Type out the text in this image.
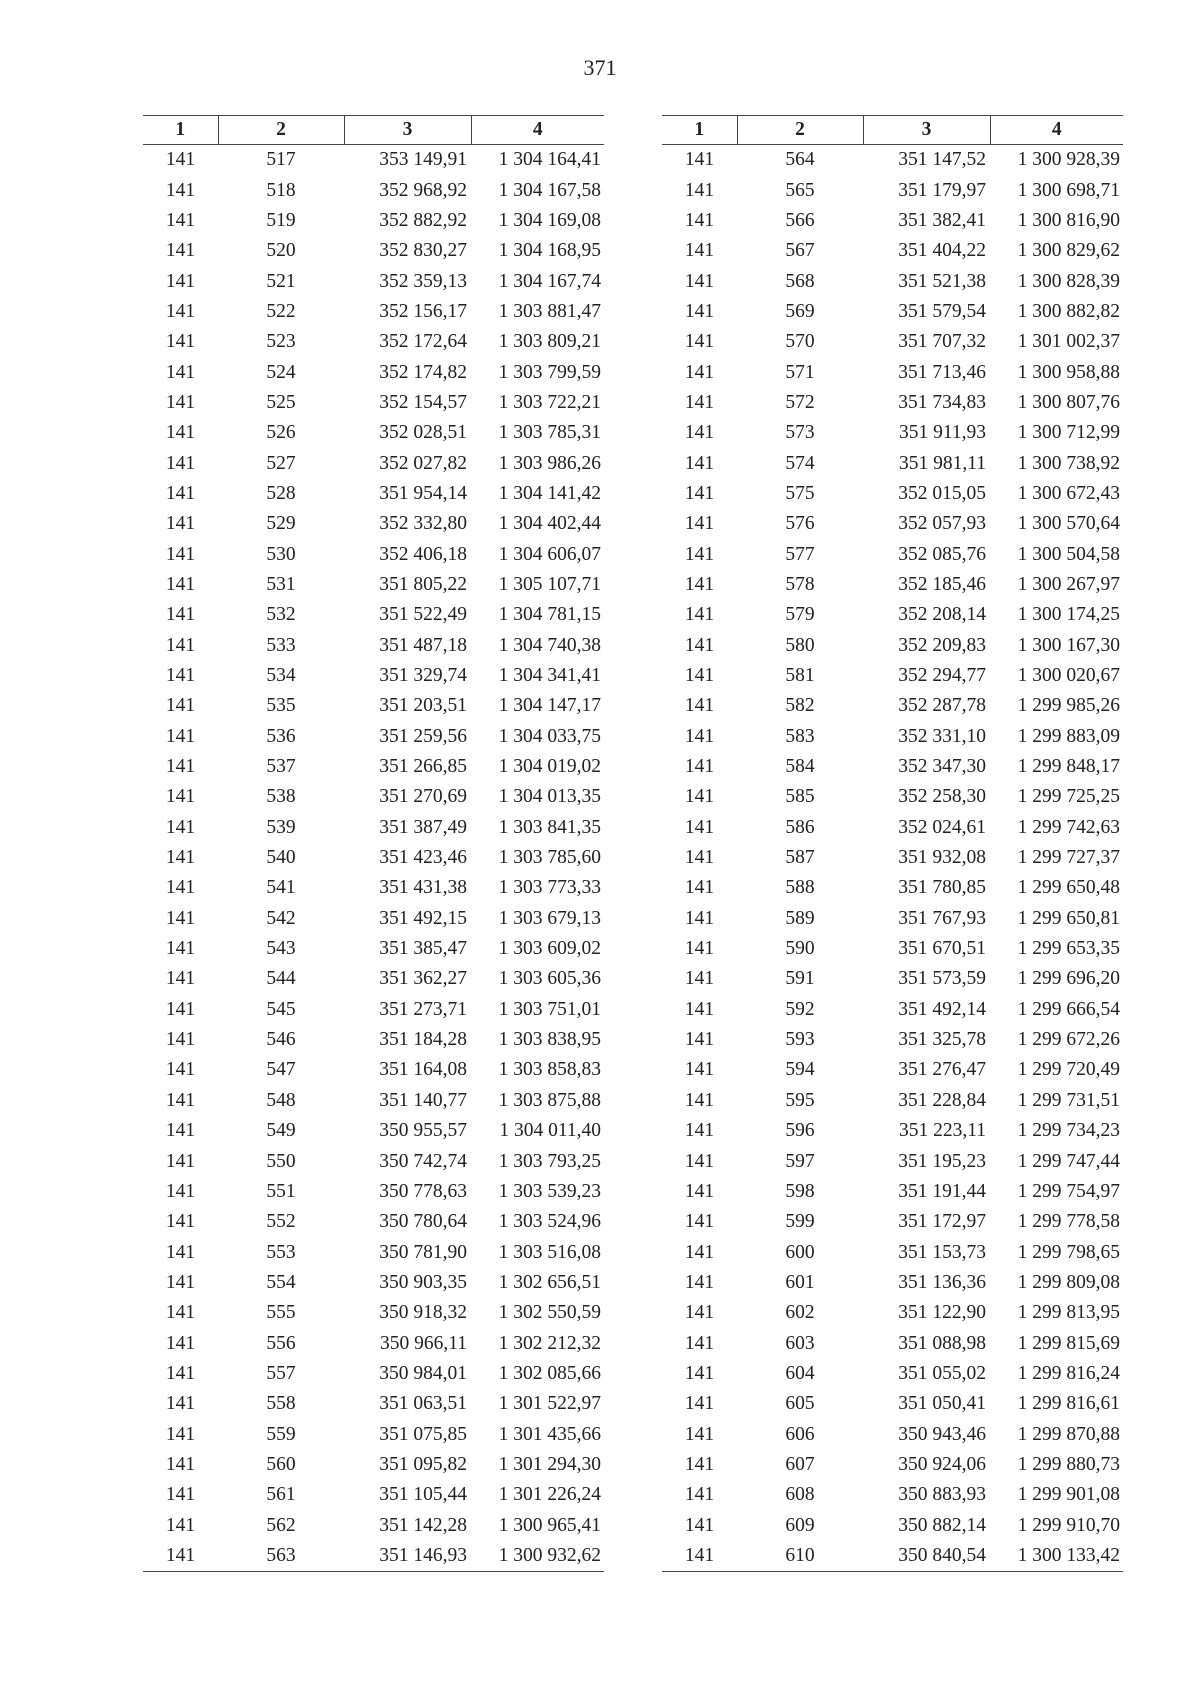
371
1	2	3	4
141	517	353 149,91	1 304 164,41
141	518	352 968,92	1 304 167,58
141	519	352 882,92	1 304 169,08
141	520	352 830,27	1 304 168,95
141	521	352 359,13	1 304 167,74
141	522	352 156,17	1 303 881,47
141	523	352 172,64	1 303 809,21
141	524	352 174,82	1 303 799,59
141	525	352 154,57	1 303 722,21
141	526	352 028,51	1 303 785,31
141	527	352 027,82	1 303 986,26
141	528	351 954,14	1 304 141,42
141	529	352 332,80	1 304 402,44
141	530	352 406,18	1 304 606,07
141	531	351 805,22	1 305 107,71
141	532	351 522,49	1 304 781,15
141	533	351 487,18	1 304 740,38
141	534	351 329,74	1 304 341,41
141	535	351 203,51	1 304 147,17
141	536	351 259,56	1 304 033,75
141	537	351 266,85	1 304 019,02
141	538	351 270,69	1 304 013,35
141	539	351 387,49	1 303 841,35
141	540	351 423,46	1 303 785,60
141	541	351 431,38	1 303 773,33
141	542	351 492,15	1 303 679,13
141	543	351 385,47	1 303 609,02
141	544	351 362,27	1 303 605,36
141	545	351 273,71	1 303 751,01
141	546	351 184,28	1 303 838,95
141	547	351 164,08	1 303 858,83
141	548	351 140,77	1 303 875,88
141	549	350 955,57	1 304 011,40
141	550	350 742,74	1 303 793,25
141	551	350 778,63	1 303 539,23
141	552	350 780,64	1 303 524,96
141	553	350 781,90	1 303 516,08
141	554	350 903,35	1 302 656,51
141	555	350 918,32	1 302 550,59
141	556	350 966,11	1 302 212,32
141	557	350 984,01	1 302 085,66
141	558	351 063,51	1 301 522,97
141	559	351 075,85	1 301 435,66
141	560	351 095,82	1 301 294,30
141	561	351 105,44	1 301 226,24
141	562	351 142,28	1 300 965,41
141	563	351 146,93	1 300 932,62
1	2	3	4
141	564	351 147,52	1 300 928,39
141	565	351 179,97	1 300 698,71
141	566	351 382,41	1 300 816,90
141	567	351 404,22	1 300 829,62
141	568	351 521,38	1 300 828,39
141	569	351 579,54	1 300 882,82
141	570	351 707,32	1 301 002,37
141	571	351 713,46	1 300 958,88
141	572	351 734,83	1 300 807,76
141	573	351 911,93	1 300 712,99
141	574	351 981,11	1 300 738,92
141	575	352 015,05	1 300 672,43
141	576	352 057,93	1 300 570,64
141	577	352 085,76	1 300 504,58
141	578	352 185,46	1 300 267,97
141	579	352 208,14	1 300 174,25
141	580	352 209,83	1 300 167,30
141	581	352 294,77	1 300 020,67
141	582	352 287,78	1 299 985,26
141	583	352 331,10	1 299 883,09
141	584	352 347,30	1 299 848,17
141	585	352 258,30	1 299 725,25
141	586	352 024,61	1 299 742,63
141	587	351 932,08	1 299 727,37
141	588	351 780,85	1 299 650,48
141	589	351 767,93	1 299 650,81
141	590	351 670,51	1 299 653,35
141	591	351 573,59	1 299 696,20
141	592	351 492,14	1 299 666,54
141	593	351 325,78	1 299 672,26
141	594	351 276,47	1 299 720,49
141	595	351 228,84	1 299 731,51
141	596	351 223,11	1 299 734,23
141	597	351 195,23	1 299 747,44
141	598	351 191,44	1 299 754,97
141	599	351 172,97	1 299 778,58
141	600	351 153,73	1 299 798,65
141	601	351 136,36	1 299 809,08
141	602	351 122,90	1 299 813,95
141	603	351 088,98	1 299 815,69
141	604	351 055,02	1 299 816,24
141	605	351 050,41	1 299 816,61
141	606	350 943,46	1 299 870,88
141	607	350 924,06	1 299 880,73
141	608	350 883,93	1 299 901,08
141	609	350 882,14	1 299 910,70
141	610	350 840,54	1 300 133,42
